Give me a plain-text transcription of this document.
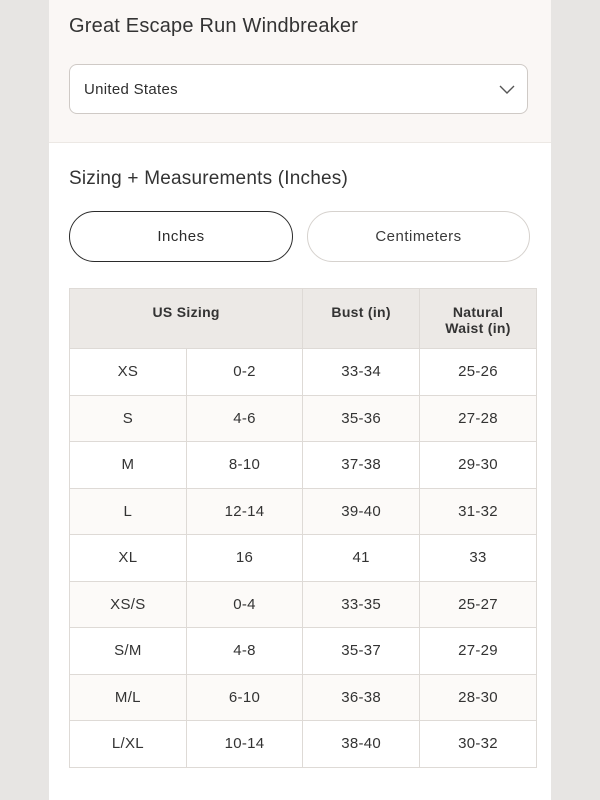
Great Escape Run Windbreaker
United States
Sizing + Measurements (Inches)
Inches	Centimeters
US Sizing		Bust (in)	Natural
Waist (in)
XS	0-2	33-34	25-26
S	4-6	35-36	27-28
M	8-10	37-38	29-30
L	12-14	39-40	31-32
XL	16	41	33
XS/S	0-4	33-35	25-27
S/M	4-8	35-37	27-29
M/L	6-10	36-38	28-30
L/XL	10-14	38-40	30-32
